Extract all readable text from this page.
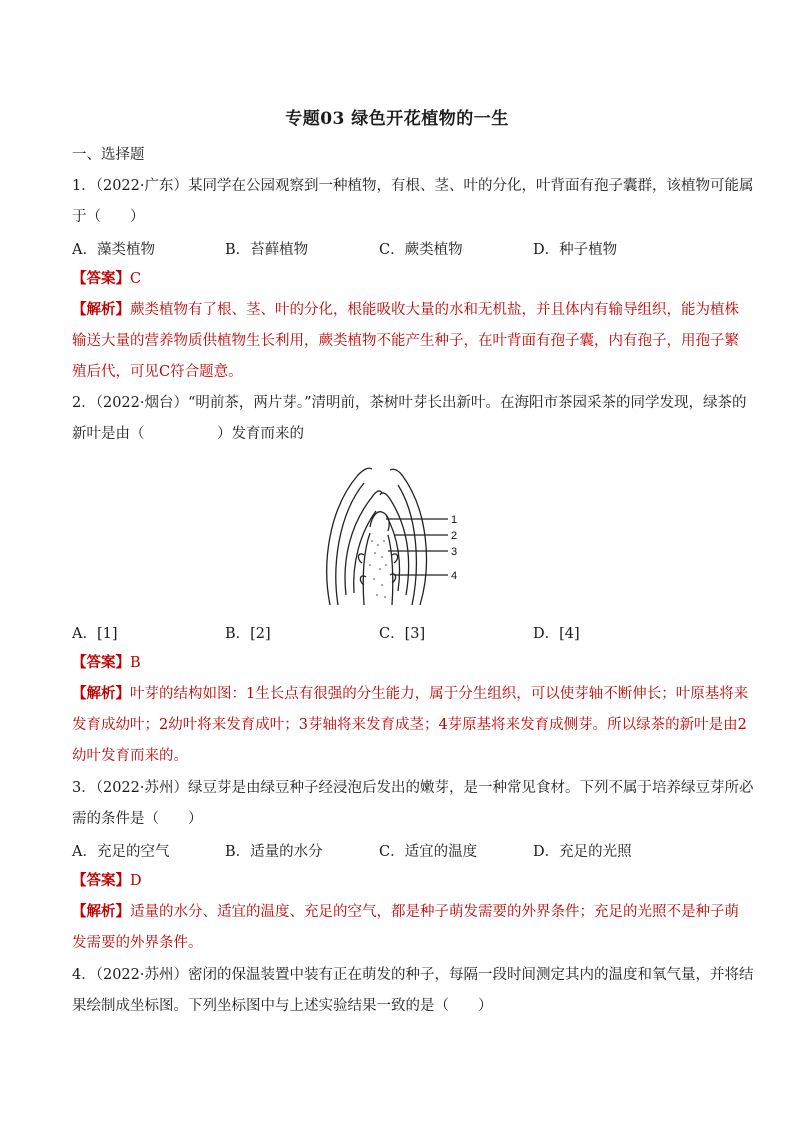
专题03 绿色开花植物的一生
一、选择题
1．（2022·广东）某同学在公园观察到一种植物，有根、茎、叶的分化，叶背面有孢子囊群，该植物可能属
于（　　）
A．藻类植物	B．苔藓植物	C．蕨类植物	D．种子植物
【答案】C
【解析】蕨类植物有了根、茎、叶的分化，根能吸收大量的水和无机盐，并且体内有输导组织，能为植株
输送大量的营养物质供植物生长利用，蕨类植物不能产生种子，在叶背面有孢子囊，内有孢子，用孢子繁
殖后代，可见C符合题意。
2．（2022·烟台）“明前茶，两片芽。”清明前，茶树叶芽长出新叶。在海阳市茶园采茶的同学发现，绿茶的
新叶是由（　　　　　）发育而来的
1
2
3
4
A．[1]	B．[2]	C．[3]	D．[4]
【答案】B
【解析】叶芽的结构如图：1生长点有很强的分生能力，属于分生组织，可以使芽轴不断伸长；叶原基将来
发育成幼叶；2幼叶将来发育成叶；3芽轴将来发育成茎；4芽原基将来发育成侧芽。所以绿茶的新叶是由2
幼叶发育而来的。
3．（2022·苏州）绿豆芽是由绿豆种子经浸泡后发出的嫩芽，是一种常见食材。下列不属于培养绿豆芽所必
需的条件是（　　）
A．充足的空气	B．适量的水分	C．适宜的温度	D．充足的光照
【答案】D
【解析】适量的水分、适宜的温度、充足的空气，都是种子萌发需要的外界条件；充足的光照不是种子萌
发需要的外界条件。
4．（2022·苏州）密闭的保温装置中装有正在萌发的种子，每隔一段时间测定其内的温度和氧气量，并将结
果绘制成坐标图。下列坐标图中与上述实验结果一致的是（　　）
